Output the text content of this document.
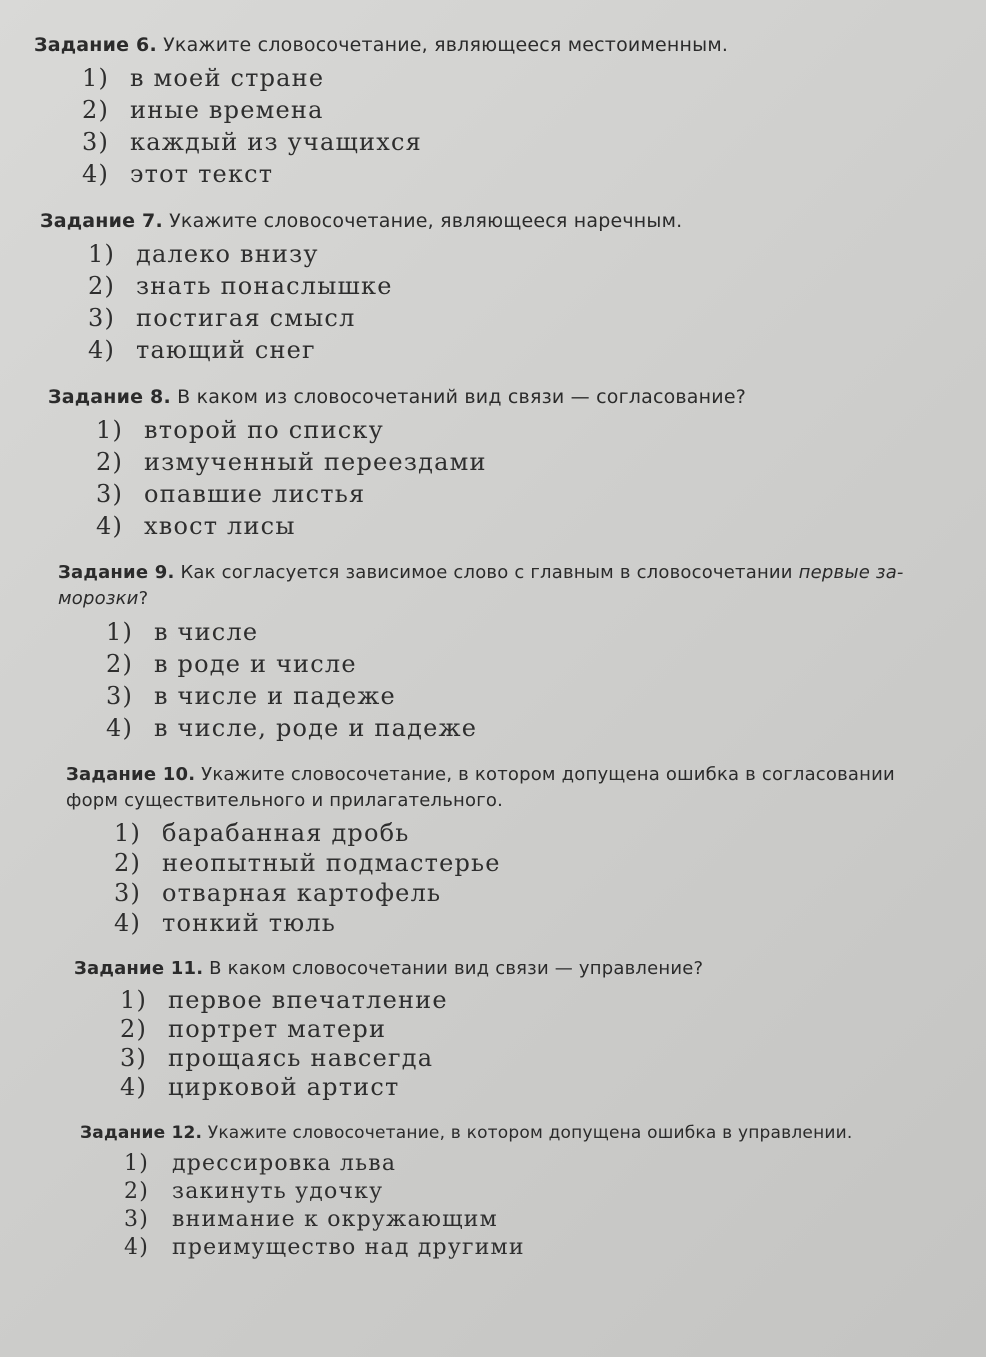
Задание 6. Укажите словосочетание, являющееся местоименным.

1) в моей стране
2) иные времена
3) каждый из учащихся
4) этот текст

Задание 7. Укажите словосочетание, являющееся наречным.

1) далеко внизу
2) знать понаслышке
3) постигая смысл
4) тающий снег

Задание 8. В каком из словосочетаний вид связи — согласование?

1) второй по списку
2) измученный переездами
3) опавшие листья
4) хвост лисы

Задание 9. Как согласуется зависимое слово с главным в словосочетании первые за-
морозки?

1) в числе
2) в роде и числе
3) в числе и падеже
4) в числе, роде и падеже

Задание 10. Укажите словосочетание, в котором допущена ошибка в согласовании
форм существительного и прилагательного.

1) барабанная дробь
2) неопытный подмастерье
3) отварная картофель
4) тонкий тюль

Задание 11. В каком словосочетании вид связи — управление?

1) первое впечатление
2) портрет матери
3) прощаясь навсегда
4) цирковой артист

Задание 12. Укажите словосочетание, в котором допущена ошибка в управлении.

1) дрессировка льва
2) закинуть удочку
3) внимание к окружающим
4) преимущество над другими
